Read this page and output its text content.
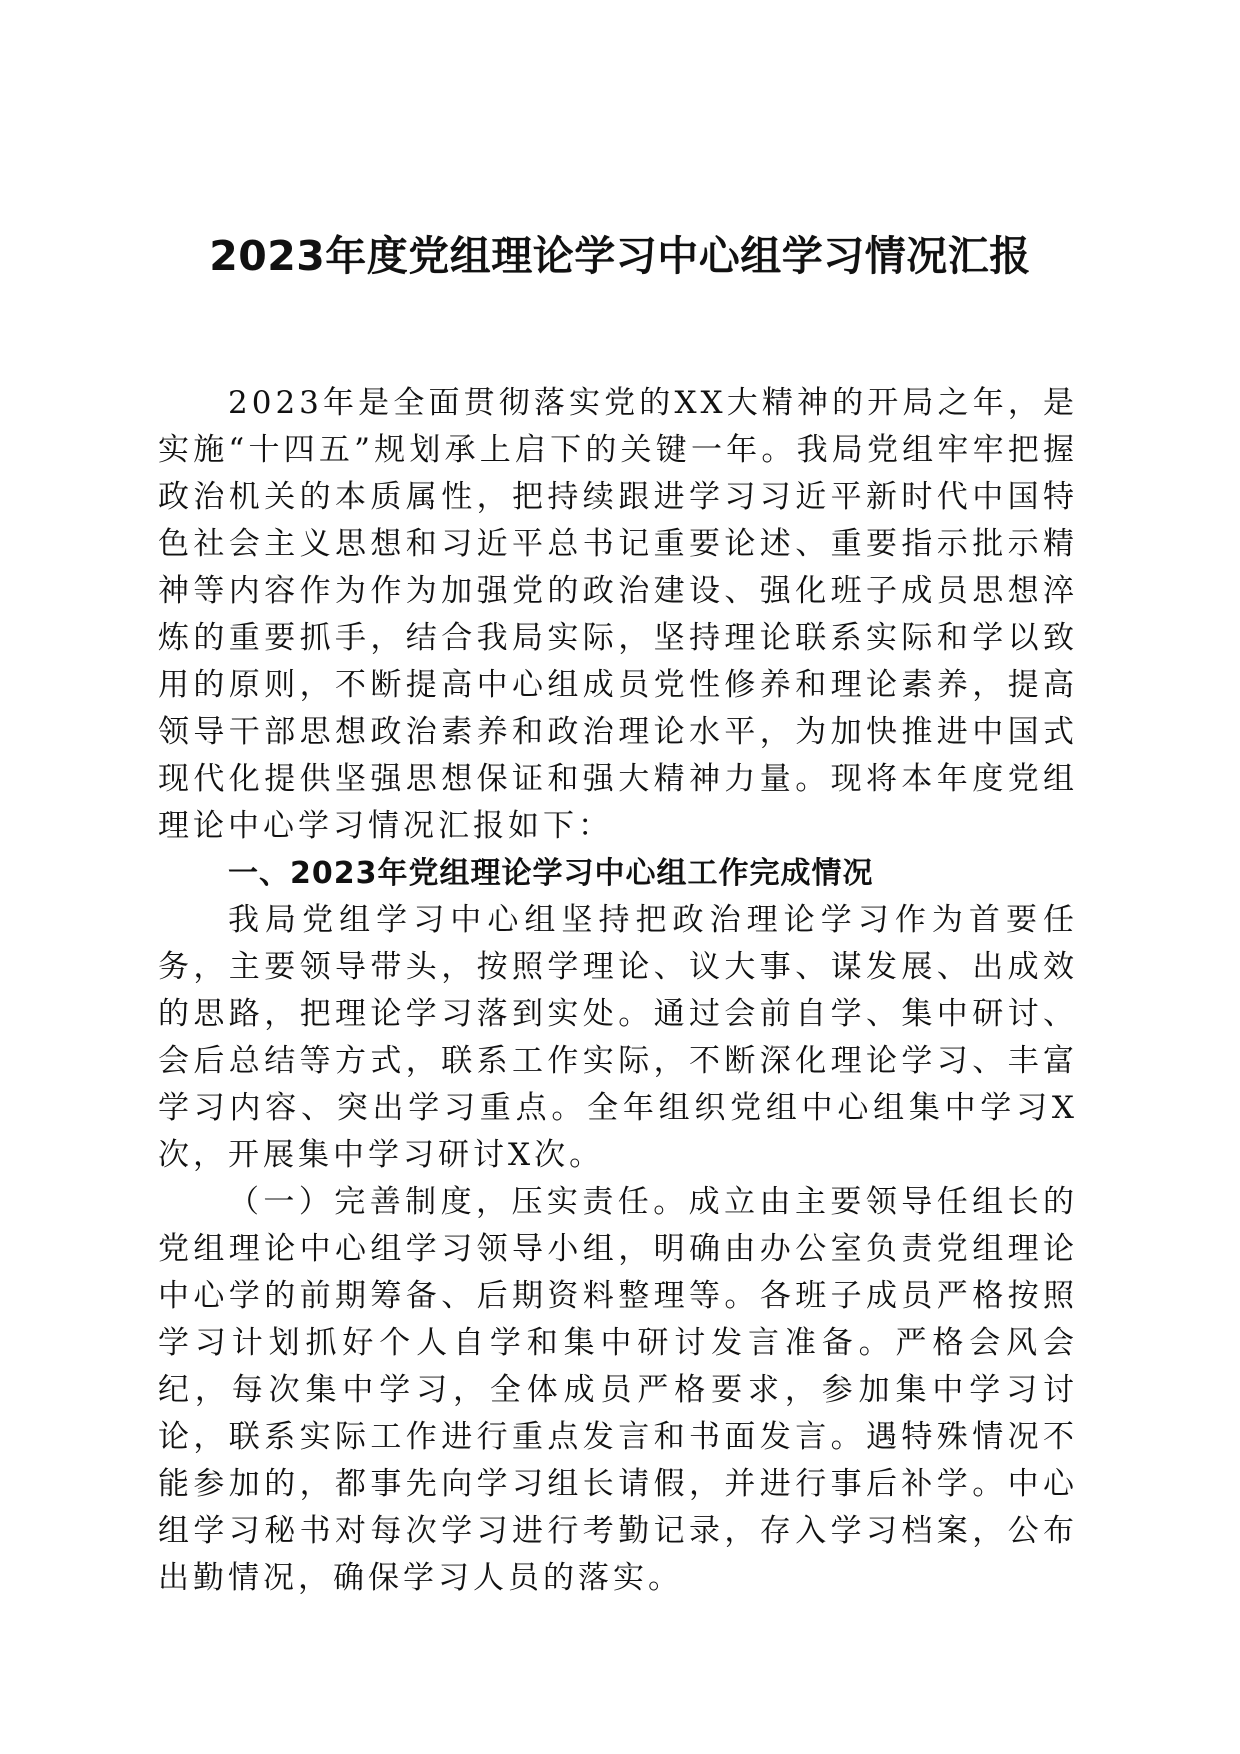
2023年度党组理论学习中心组学习情况汇报

2023年是全面贯彻落实党的XX大精神的开局之年，是实施“十四五”规划承上启下的关键一年。我局党组牢牢把握政治机关的本质属性，把持续跟进学习习近平新时代中国特色社会主义思想和习近平总书记重要论述、重要指示批示精神等内容作为作为加强党的政治建设、强化班子成员思想淬炼的重要抓手，结合我局实际，坚持理论联系实际和学以致用的原则，不断提高中心组成员党性修养和理论素养，提高领导干部思想政治素养和政治理论水平，为加快推进中国式现代化提供坚强思想保证和强大精神力量。现将本年度党组理论中心学习情况汇报如下：

一、2023年党组理论学习中心组工作完成情况

我局党组学习中心组坚持把政治理论学习作为首要任务，主要领导带头，按照学理论、议大事、谋发展、出成效的思路，把理论学习落到实处。通过会前自学、集中研讨、会后总结等方式，联系工作实际，不断深化理论学习、丰富学习内容、突出学习重点。全年组织党组中心组集中学习X次，开展集中学习研讨X次。

（一）完善制度，压实责任。成立由主要领导任组长的党组理论中心组学习领导小组，明确由办公室负责党组理论中心学的前期筹备、后期资料整理等。各班子成员严格按照学习计划抓好个人自学和集中研讨发言准备。严格会风会纪，每次集中学习，全体成员严格要求，参加集中学习讨论，联系实际工作进行重点发言和书面发言。遇特殊情况不能参加的，都事先向学习组长请假，并进行事后补学。中心组学习秘书对每次学习进行考勤记录，存入学习档案，公布出勤情况，确保学习人员的落实。
